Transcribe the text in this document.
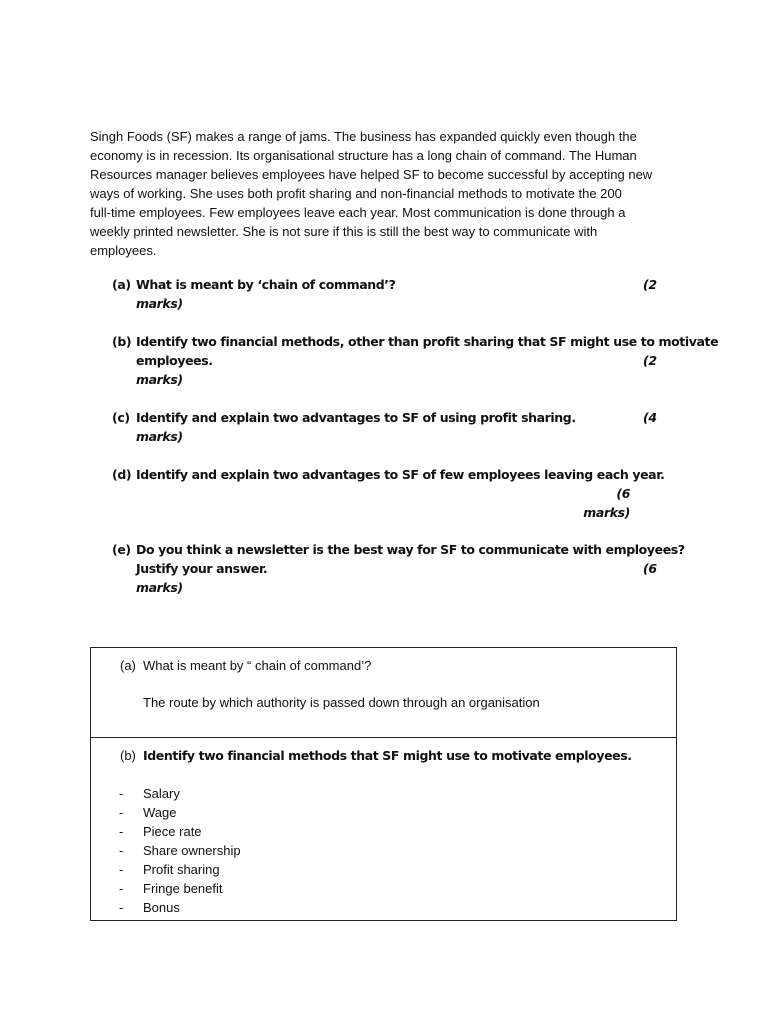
Singh Foods (SF) makes a range of jams. The business has expanded quickly even though the
economy is in recession. Its organisational structure has a long chain of command. The Human
Resources manager believes employees have helped SF to become successful by accepting new
ways of working. She uses both profit sharing and non-financial methods to motivate the 200
full-time employees. Few employees leave each year. Most communication is done through a
weekly printed newsletter. She is not sure if this is still the best way to communicate with
employees.

(a) What is meant by ‘chain of command’?	(2
marks)
(b) Identify two financial methods, other than profit sharing that SF might use to motivate
employees.	(2
marks)
(c) Identify and explain two advantages to SF of using profit sharing.	(4
marks)
(d) Identify and explain two advantages to SF of few employees leaving each year.
(6
marks)
(e) Do you think a newsletter is the best way for SF to communicate with employees?
Justify your answer.	(6
marks)
(a) What is meant by “ chain of command’?
The route by which authority is passed down through an organisation
(b) Identify two financial methods that SF might use to motivate employees.
- Salary
- Wage
- Piece rate
- Share ownership
- Profit sharing
- Fringe benefit
- Bonus
